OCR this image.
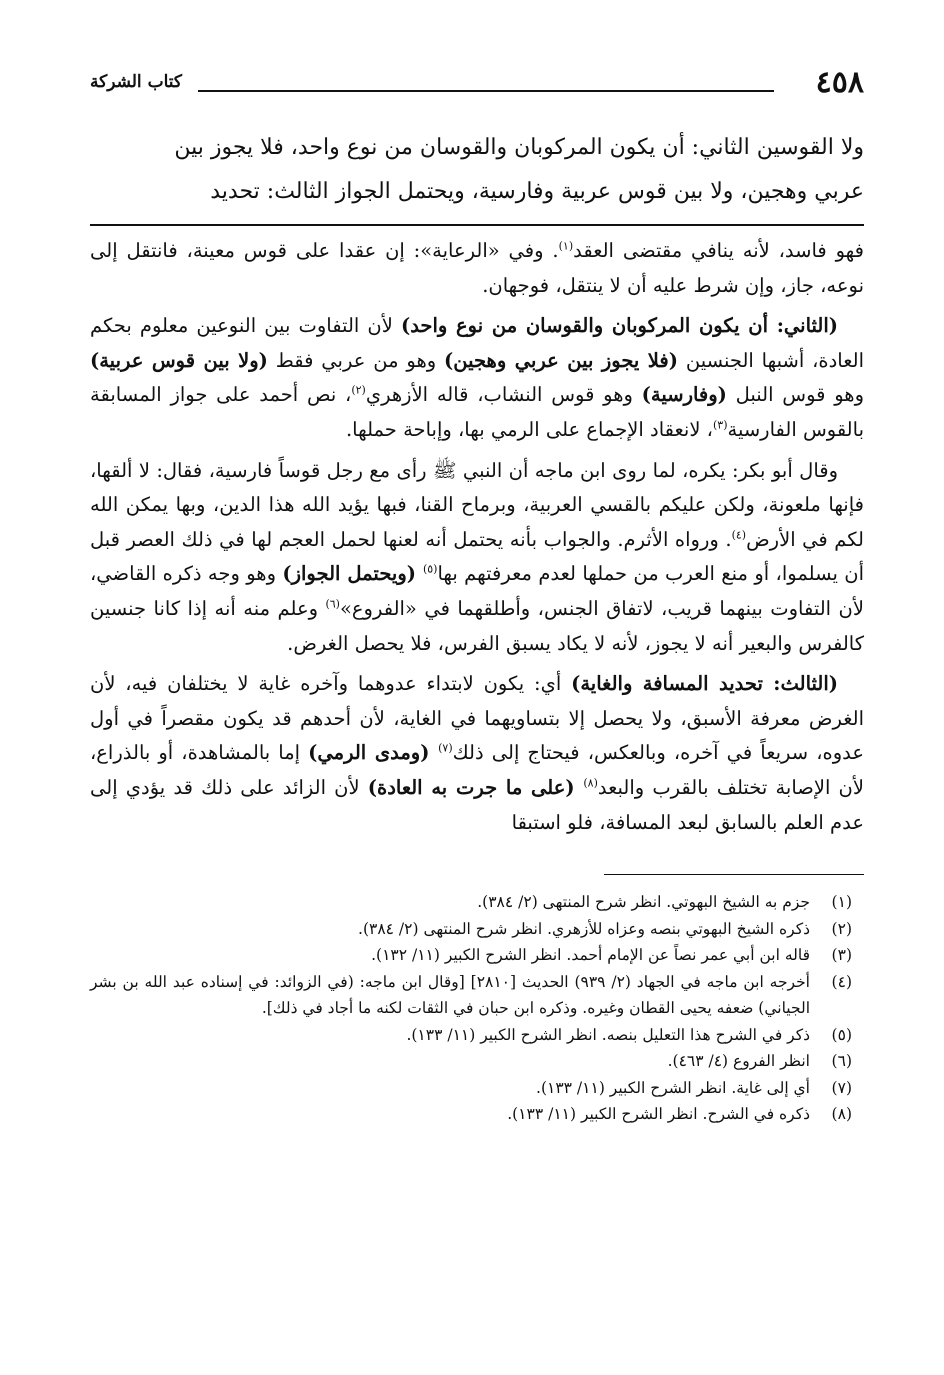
٤٥٨
كتاب الشركة
ولا القوسين الثاني: أن يكون المركوبان والقوسان من نوع واحد، فلا يجوز بين
عربي وهجين، ولا بين قوس عربية وفارسية، ويحتمل الجواز الثالث: تحديد

فهو فاسد، لأنه ينافي مقتضى العقد$^{(١)}$. وفي «الرعاية»: إن عقدا على قوس معينة، فانتقل إلى نوعه، جاز، وإن شرط عليه أن لا ينتقل، فوجهان.

(الثاني: أن يكون المركوبان والقوسان من نوع واحد) لأن التفاوت بين النوعين معلوم بحكم العادة، أشبها الجنسين (فلا يجوز بين عربي وهجين) وهو من عربي فقط (ولا بين قوس عربية) وهو قوس النبل (وفارسية) وهو قوس النشاب، قاله الأزهري$^{(٢)}$، نص أحمد على جواز المسابقة بالقوس الفارسية$^{(٣)}$، لانعقاد الإجماع على الرمي بها، وإباحة حملها.

وقال أبو بكر: يكره، لما روى ابن ماجه أن النبي ﷺ رأى مع رجل قوساً فارسية، فقال: لا ألقها، فإنها ملعونة، ولكن عليكم بالقسي العربية، وبرماح القنا، فبها يؤيد الله هذا الدين، وبها يمكن الله لكم في الأرض$^{(٤)}$. ورواه الأثرم. والجواب بأنه يحتمل أنه لعنها لحمل العجم لها في ذلك العصر قبل أن يسلموا، أو منع العرب من حملها لعدم معرفتهم بها$^{(٥)}$ (ويحتمل الجواز) وهو وجه ذكره القاضي، لأن التفاوت بينهما قريب، لاتفاق الجنس، وأطلقهما في «الفروع»$^{(٦)}$ وعلم منه أنه إذا كانا جنسين كالفرس والبعير أنه لا يجوز، لأنه لا يكاد يسبق الفرس، فلا يحصل الغرض.

(الثالث: تحديد المسافة والغاية) أي: يكون لابتداء عدوهما وآخره غاية لا يختلفان فيه، لأن الغرض معرفة الأسبق، ولا يحصل إلا بتساويهما في الغاية، لأن أحدهم قد يكون مقصراً في أول عدوه، سريعاً في آخره، وبالعكس، فيحتاج إلى ذلك$^{(٧)}$ (ومدى الرمي) إما بالمشاهدة، أو بالذراع، لأن الإصابة تختلف بالقرب والبعد$^{(٨)}$ (على ما جرت به العادة) لأن الزائد على ذلك قد يؤدي إلى عدم العلم بالسابق لبعد المسافة، فلو استبقا

(١)
جزم به الشيخ البهوتي. انظر شرح المنتهى (٢/ ٣٨٤).
(٢)
ذكره الشيخ البهوتي بنصه وعزاه للأزهري. انظر شرح المنتهى (٢/ ٣٨٤).
(٣)
قاله ابن أبي عمر نصاً عن الإمام أحمد. انظر الشرح الكبير (١١/ ١٣٢).
(٤)
أخرجه ابن ماجه في الجهاد (٢/ ٩٣٩) الحديث [٢٨١٠] [وقال ابن ماجه: (في الزوائد: في إسناده عبد الله بن بشر الجياني) ضعفه يحيى القطان وغيره. وذكره ابن حبان في الثقات لكنه ما أجاد في ذلك].
(٥)
ذكر في الشرح هذا التعليل بنصه. انظر الشرح الكبير (١١/ ١٣٣).
(٦)
انظر الفروع (٤/ ٤٦٣).
(٧)
أي إلى غاية. انظر الشرح الكبير (١١/ ١٣٣).
(٨)
ذكره في الشرح. انظر الشرح الكبير (١١/ ١٣٣).
